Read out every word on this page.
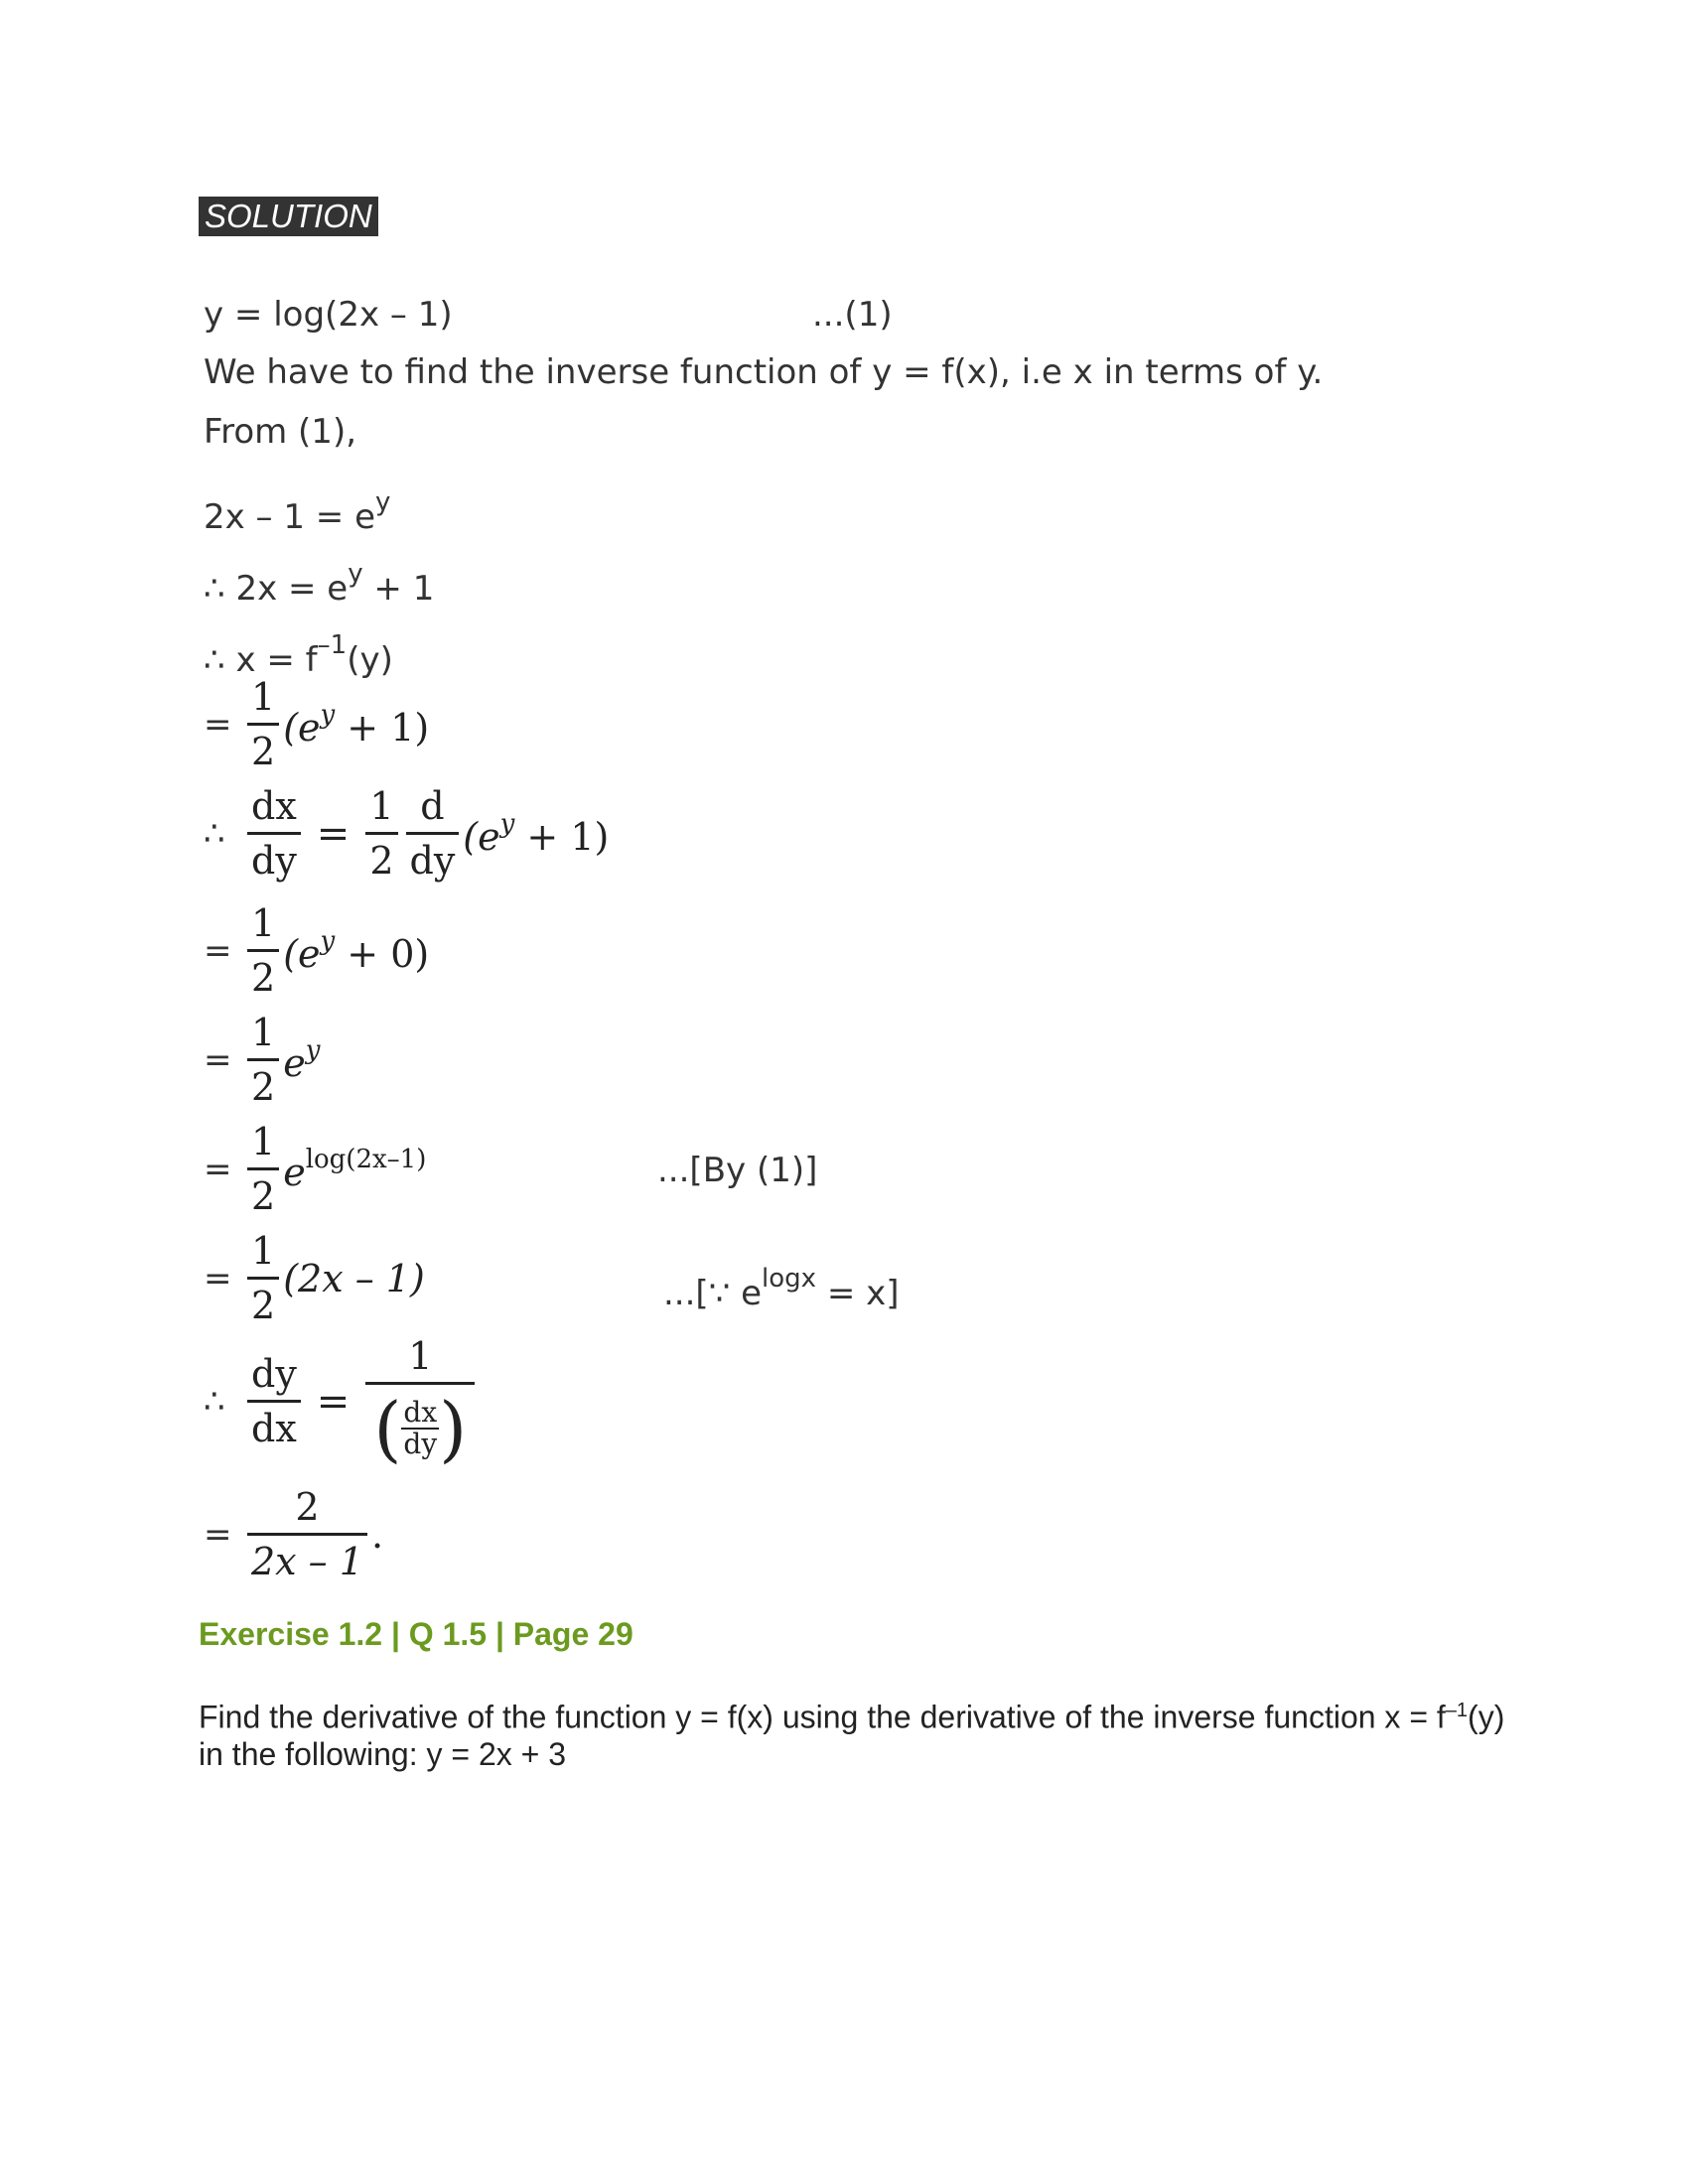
SOLUTION
y = log(2x – 1)	...(1)
We have to find the inverse function of y = f(x), i.e x in terms of y.
From (1),
$2x - 1 = e^y$
∴ $2x = e^y + 1$
∴ $x = f^{-1}(y)$
= $\frac{1}{2} (e^y + 1)$
∴ $\frac{dx}{dy} = \frac{1}{2} \frac{d}{dy} (e^y + 1)$
= $\frac{1}{2} (e^y + 0)$
= $\frac{1}{2} e^y$
= $\frac{1}{2} e^{log(2x-1)}$	...[By (1)]
= $\frac{1}{2} (2x - 1)$	...[∵ $e^{logx} = x$]
∴ $\frac{dy}{dx} = \frac{1}{( \frac{dx}{dy} )}$
= $\frac{2}{2x - 1}$ .
Exercise 1.2 | Q 1.5 | Page 29
Find the derivative of the function y = f(x) using the derivative of the inverse function $x = f^{-1}(y)$ in the following: y = 2x + 3
